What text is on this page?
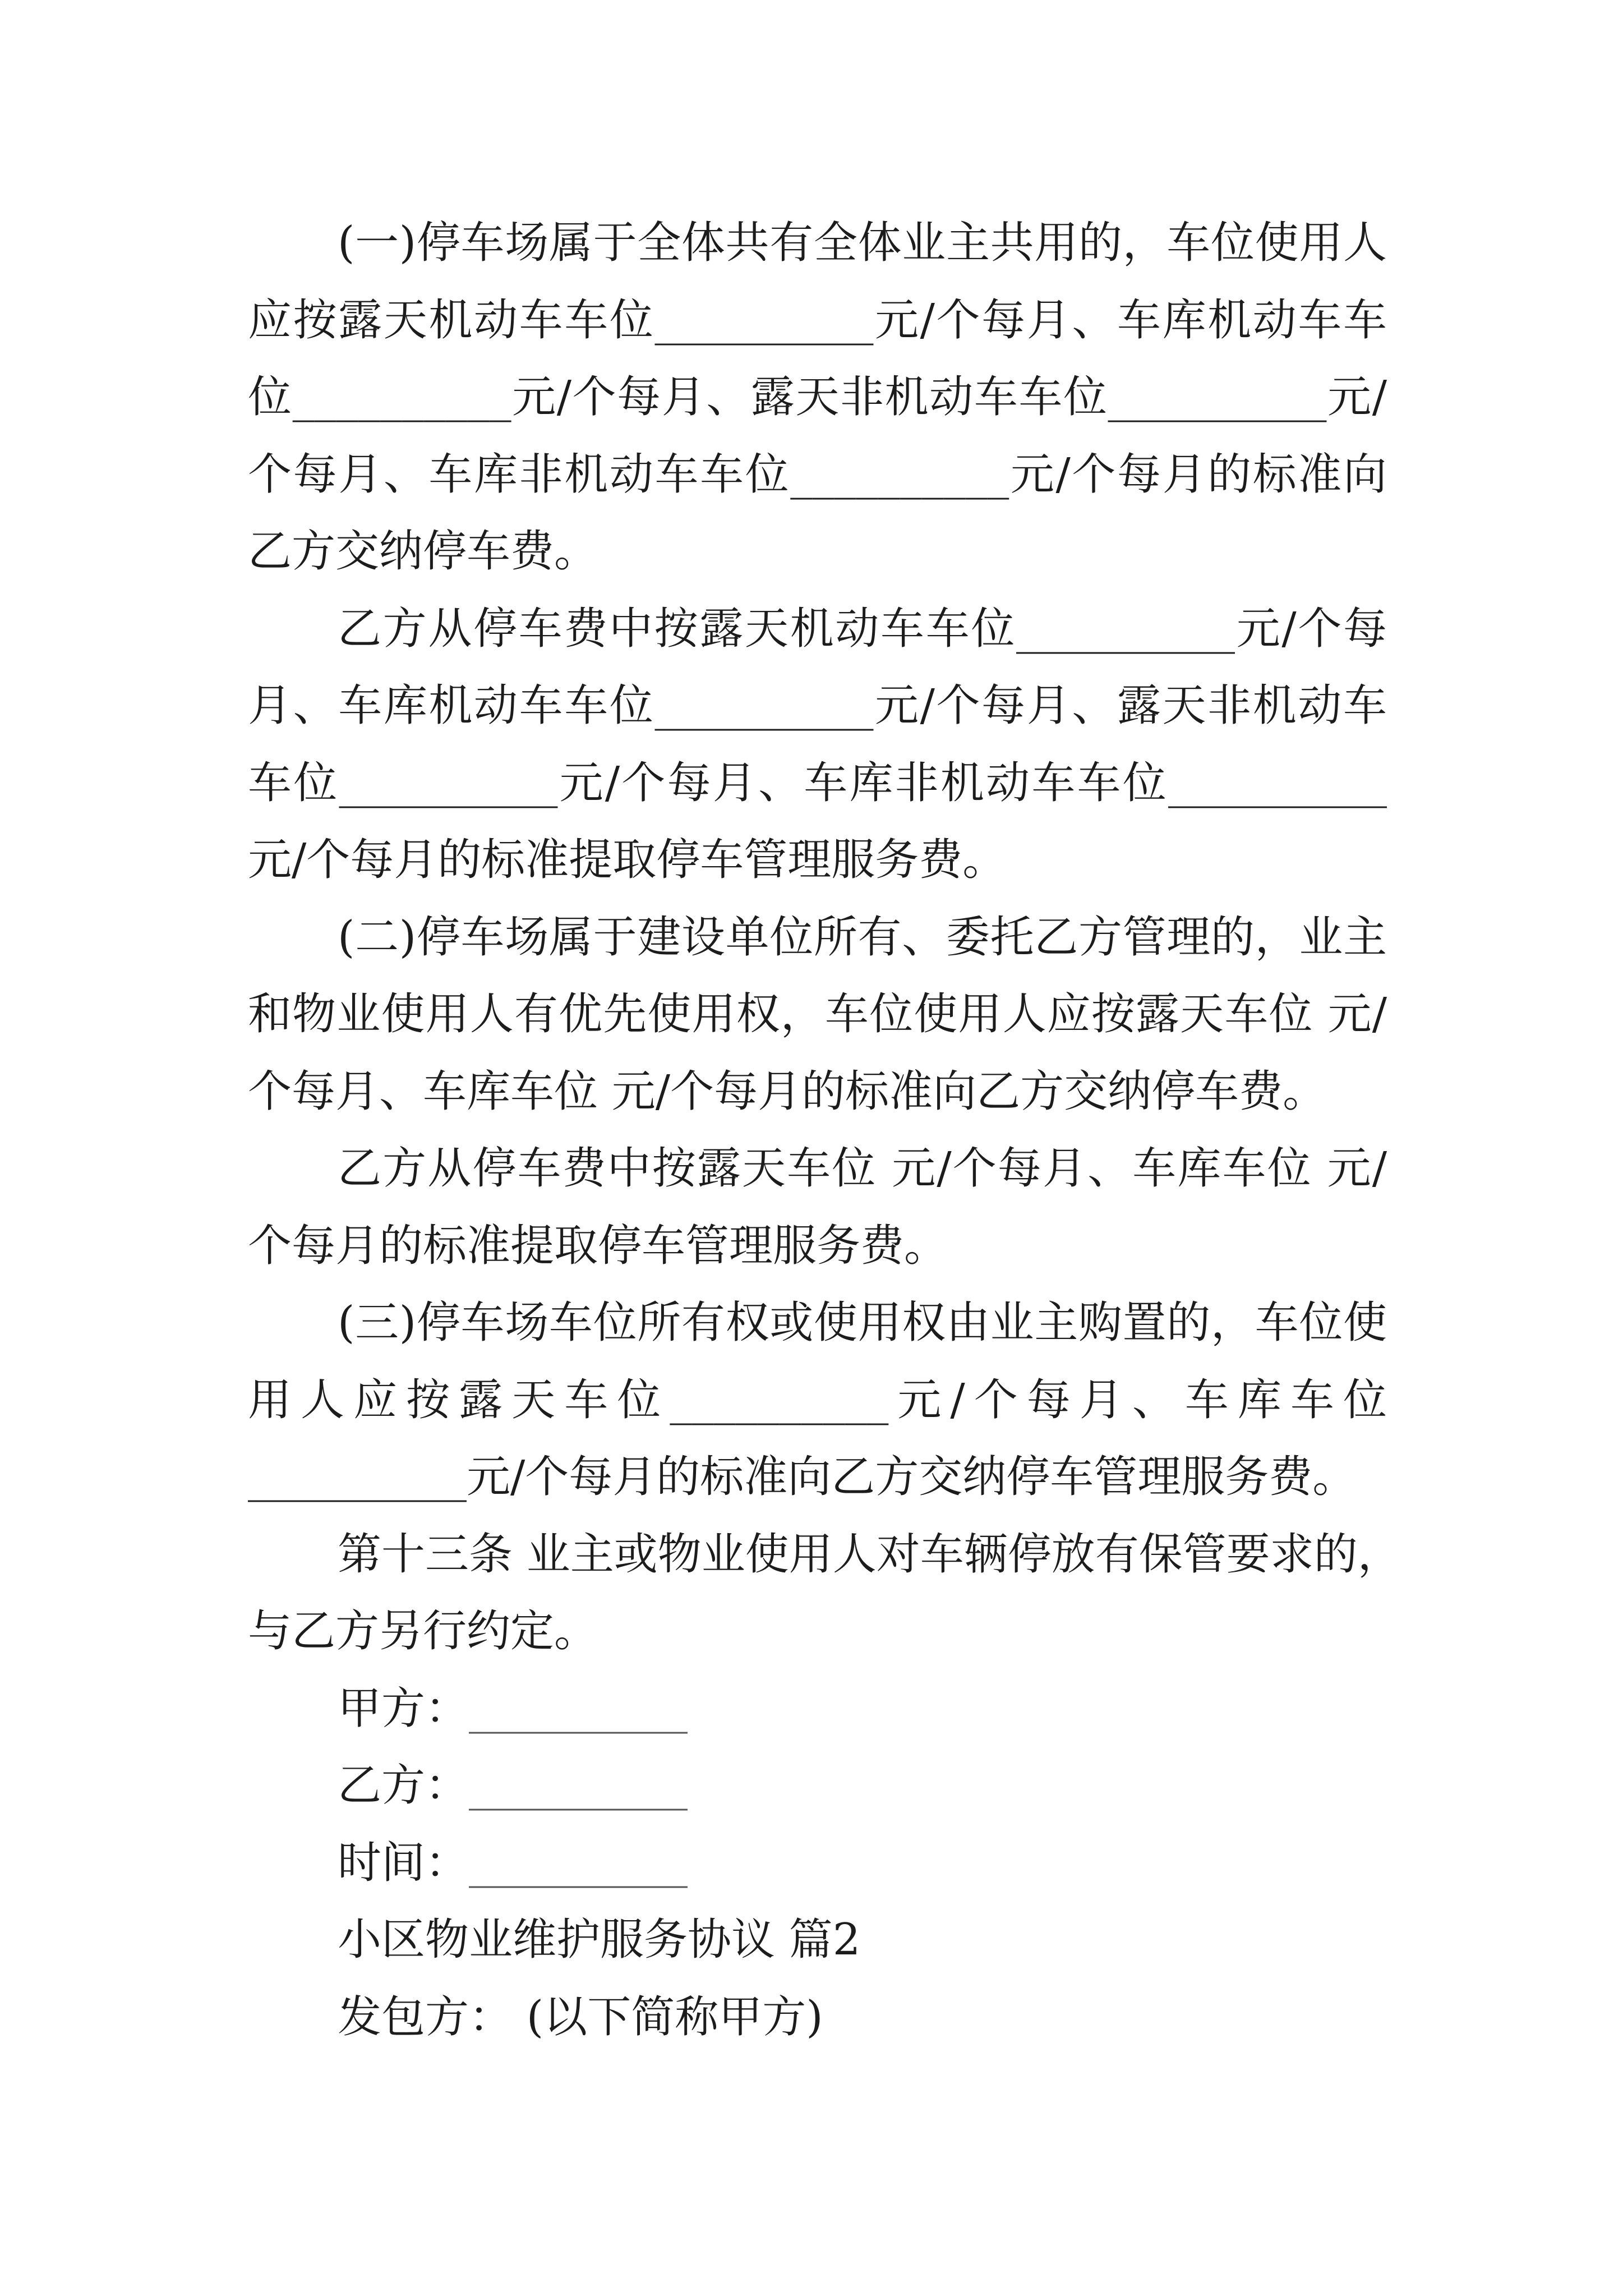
(一)停车场属于全体共有全体业主共用的，车位使用人
应按露天机动车车位__________元/个每月、车库机动车车
位__________元/个每月、露天非机动车车位__________元/
个每月、车库非机动车车位__________元/个每月的标准向
乙方交纳停车费。
乙方从停车费中按露天机动车车位__________元/个每
月、车库机动车车位__________元/个每月、露天非机动车
车位__________元/个每月、车库非机动车车位__________
元/个每月的标准提取停车管理服务费。
(二)停车场属于建设单位所有、委托乙方管理的，业主
和物业使用人有优先使用权，车位使用人应按露天车位 元/
个每月、车库车位 元/个每月的标准向乙方交纳停车费。
乙方从停车费中按露天车位 元/个每月、车库车位 元/
个每月的标准提取停车管理服务费。
(三)停车场车位所有权或使用权由业主购置的，车位使
用人应按露天车位__________元/个每月、车库车位
__________元/个每月的标准向乙方交纳停车管理服务费。
第十三条 业主或物业使用人对车辆停放有保管要求的，
与乙方另行约定。
甲方：__________
乙方：__________
时间：__________
小区物业维护服务协议 篇2
发包方： (以下简称甲方)
